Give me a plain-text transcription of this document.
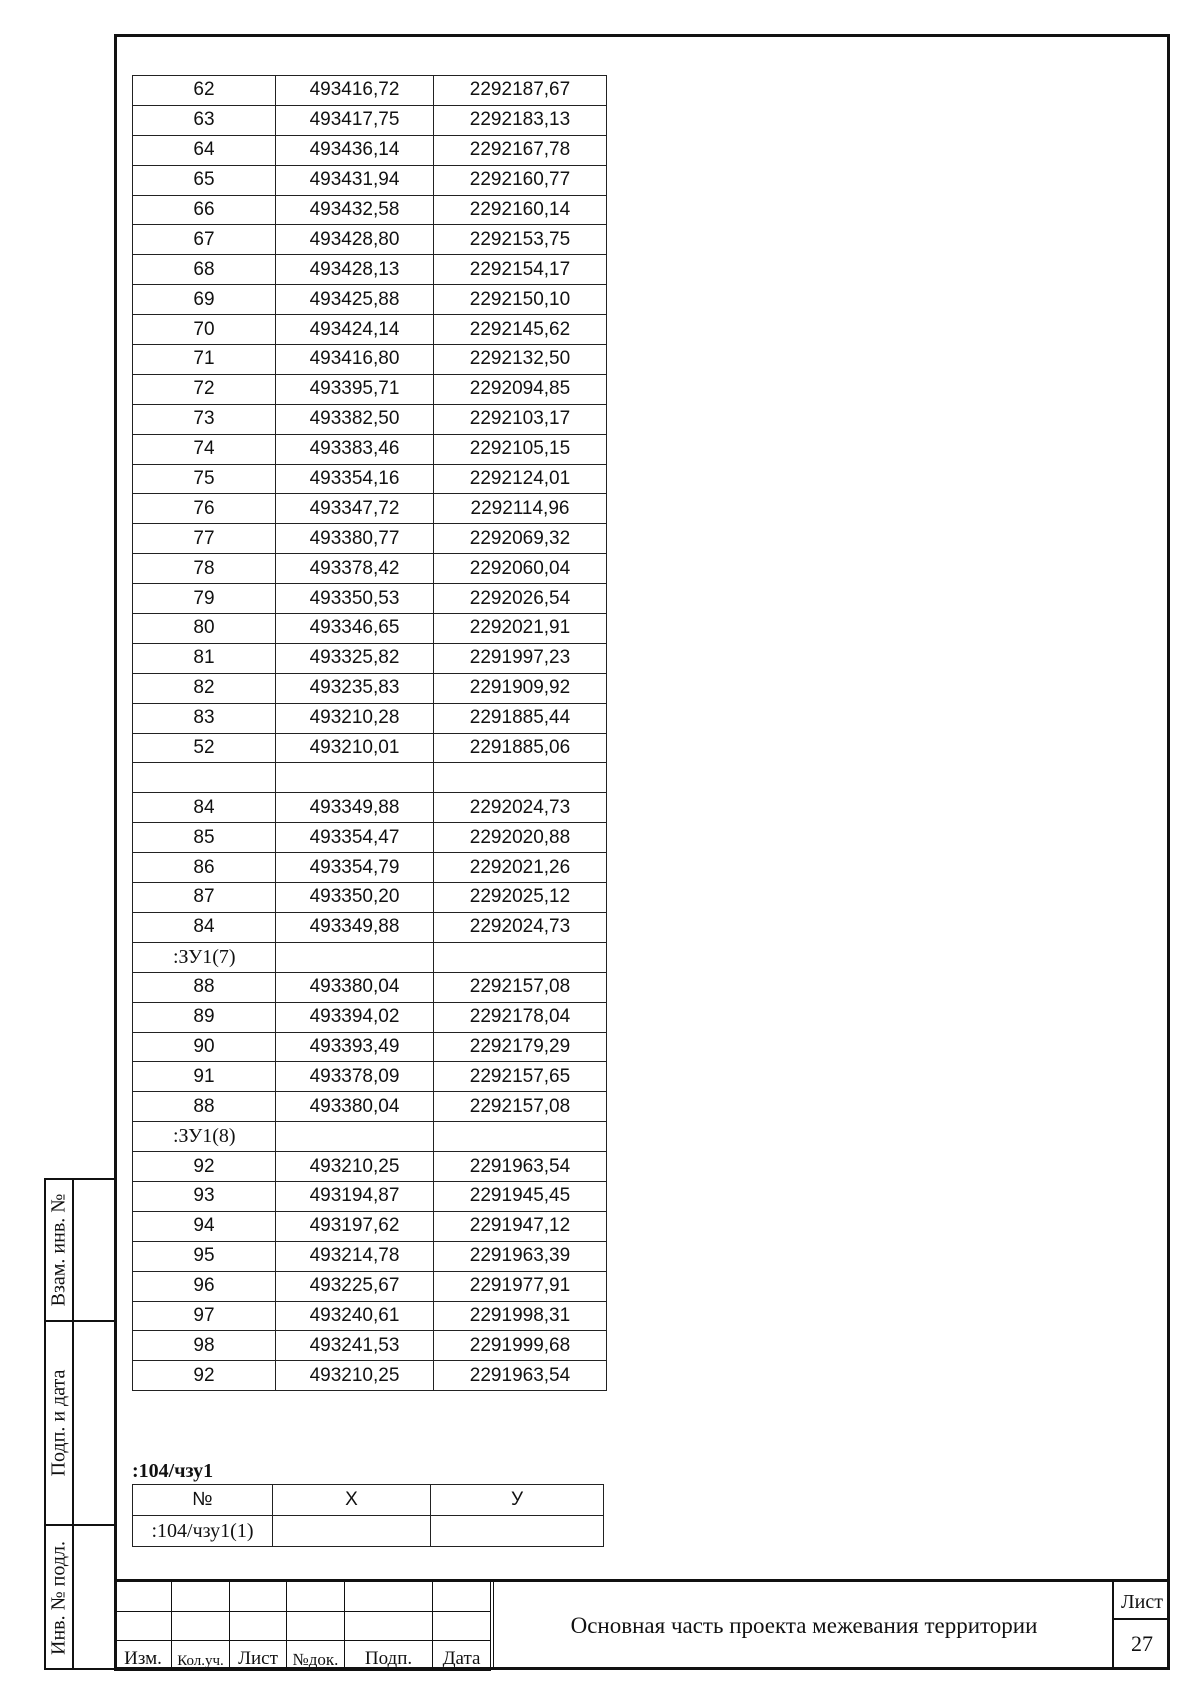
Взам. инв. №
Подп. и дата
Инв. № подл.
62	493416,72	2292187,67
63	493417,75	2292183,13
64	493436,14	2292167,78
65	493431,94	2292160,77
66	493432,58	2292160,14
67	493428,80	2292153,75
68	493428,13	2292154,17
69	493425,88	2292150,10
70	493424,14	2292145,62
71	493416,80	2292132,50
72	493395,71	2292094,85
73	493382,50	2292103,17
74	493383,46	2292105,15
75	493354,16	2292124,01
76	493347,72	2292114,96
77	493380,77	2292069,32
78	493378,42	2292060,04
79	493350,53	2292026,54
80	493346,65	2292021,91
81	493325,82	2291997,23
82	493235,83	2291909,92
83	493210,28	2291885,44
52	493210,01	2291885,06

84	493349,88	2292024,73
85	493354,47	2292020,88
86	493354,79	2292021,26
87	493350,20	2292025,12
84	493349,88	2292024,73
:ЗУ1(7)		
88	493380,04	2292157,08
89	493394,02	2292178,04
90	493393,49	2292179,29
91	493378,09	2292157,65
88	493380,04	2292157,08
:ЗУ1(8)		
92	493210,25	2291963,54
93	493194,87	2291945,45
94	493197,62	2291947,12
95	493214,78	2291963,39
96	493225,67	2291977,91
97	493240,61	2291998,31
98	493241,53	2291999,68
92	493210,25	2291963,54
:104/чзу1
№	X	У
:104/чзу1(1)		

Изм.	Кол.уч.	Лист	№док.	Подп.	Дата
Основная часть проекта межевания территории
Лист
27
